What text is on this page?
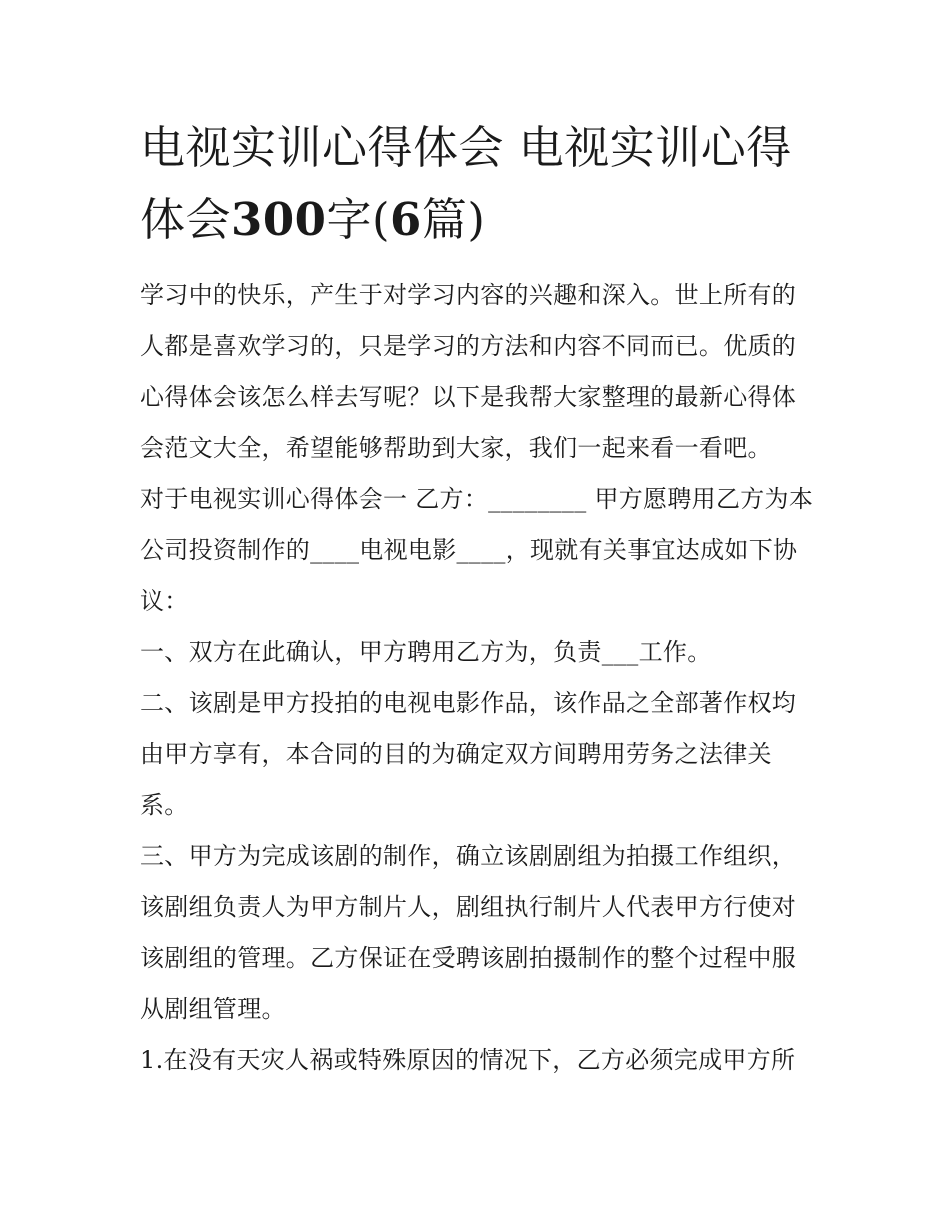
电视实训心得体会 电视实训心得体会300字(6篇)

学习中的快乐，产生于对学习内容的兴趣和深入。世上所有的人都是喜欢学习的，只是学习的方法和内容不同而已。优质的心得体会该怎么样去写呢？以下是我帮大家整理的最新心得体会范文大全，希望能够帮助到大家，我们一起来看一看吧。

对于电视实训心得体会一 乙方：________ 甲方愿聘用乙方为本公司投资制作的____电视电影____，现就有关事宜达成如下协议：

一、双方在此确认，甲方聘用乙方为，负责___工作。

二、该剧是甲方投拍的电视电影作品，该作品之全部著作权均由甲方享有，本合同的目的为确定双方间聘用劳务之法律关系。

三、甲方为完成该剧的制作，确立该剧剧组为拍摄工作组织，该剧组负责人为甲方制片人，剧组执行制片人代表甲方行使对该剧组的管理。乙方保证在受聘该剧拍摄制作的整个过程中服从剧组管理。

1.在没有天灾人祸或特殊原因的情况下，乙方必须完成甲方所
